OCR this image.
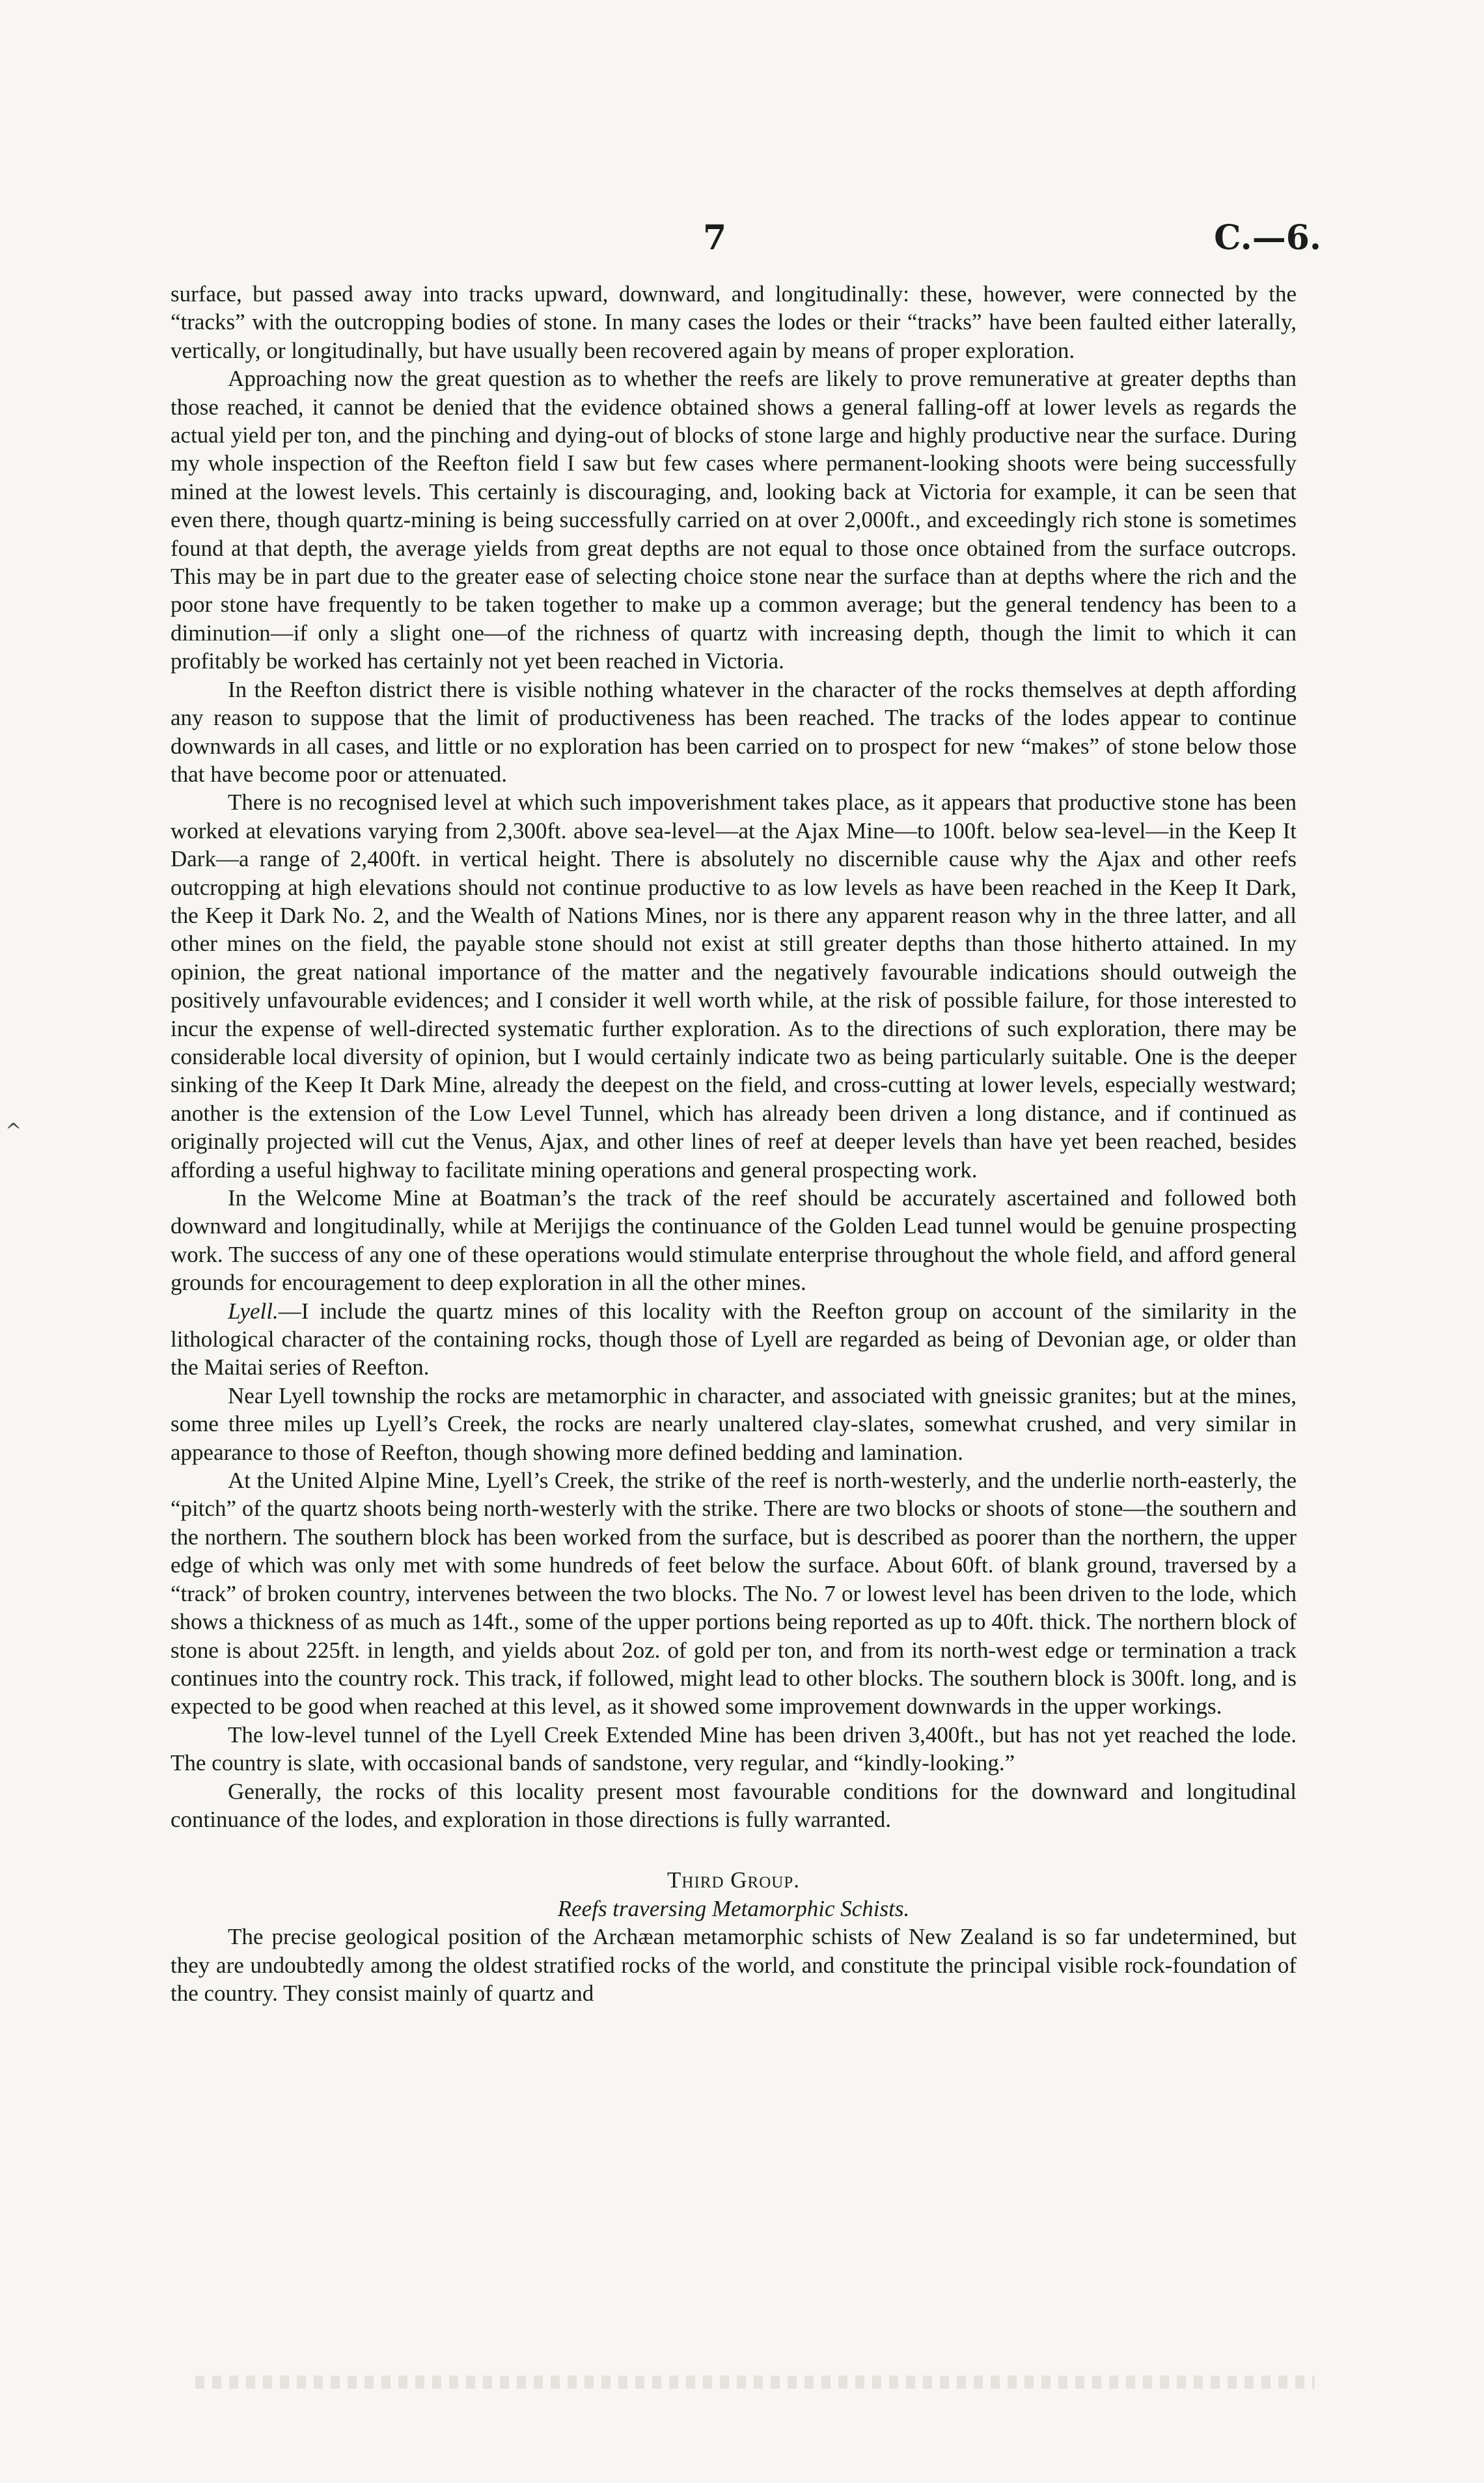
7	C.—6.
^

surface, but passed away into tracks upward, downward, and longitudinally: these, however, were connected by the “tracks” with the outcropping bodies of stone. In many cases the lodes or their “tracks” have been faulted either laterally, vertically, or longitudinally, but have usually been recovered again by means of proper exploration.

Approaching now the great question as to whether the reefs are likely to prove remunerative at greater depths than those reached, it cannot be denied that the evidence obtained shows a general falling-off at lower levels as regards the actual yield per ton, and the pinching and dying-out of blocks of stone large and highly productive near the surface. During my whole inspection of the Reefton field I saw but few cases where permanent-looking shoots were being successfully mined at the lowest levels. This certainly is discouraging, and, looking back at Victoria for example, it can be seen that even there, though quartz-mining is being successfully carried on at over 2,000ft., and exceedingly rich stone is sometimes found at that depth, the average yields from great depths are not equal to those once obtained from the surface outcrops. This may be in part due to the greater ease of selecting choice stone near the surface than at depths where the rich and the poor stone have frequently to be taken together to make up a common average; but the general tendency has been to a diminution—if only a slight one—of the richness of quartz with increasing depth, though the limit to which it can profitably be worked has certainly not yet been reached in Victoria.

In the Reefton district there is visible nothing whatever in the character of the rocks themselves at depth affording any reason to suppose that the limit of productiveness has been reached. The tracks of the lodes appear to continue downwards in all cases, and little or no exploration has been carried on to prospect for new “makes” of stone below those that have become poor or attenuated.

There is no recognised level at which such impoverishment takes place, as it appears that productive stone has been worked at elevations varying from 2,300ft. above sea-level—at the Ajax Mine—to 100ft. below sea-level—in the Keep It Dark—a range of 2,400ft. in vertical height. There is absolutely no discernible cause why the Ajax and other reefs outcropping at high elevations should not continue productive to as low levels as have been reached in the Keep It Dark, the Keep it Dark No. 2, and the Wealth of Nations Mines, nor is there any apparent reason why in the three latter, and all other mines on the field, the payable stone should not exist at still greater depths than those hitherto attained. In my opinion, the great national importance of the matter and the negatively favourable indications should outweigh the positively unfavourable evidences; and I consider it well worth while, at the risk of possible failure, for those interested to incur the expense of well-directed systematic further exploration. As to the directions of such exploration, there may be considerable local diversity of opinion, but I would certainly indicate two as being particularly suitable. One is the deeper sinking of the Keep It Dark Mine, already the deepest on the field, and cross-cutting at lower levels, especially westward; another is the extension of the Low Level Tunnel, which has already been driven a long distance, and if continued as originally projected will cut the Venus, Ajax, and other lines of reef at deeper levels than have yet been reached, besides affording a useful highway to facilitate mining operations and general prospecting work.

In the Welcome Mine at Boatman’s the track of the reef should be accurately ascertained and followed both downward and longitudinally, while at Merijigs the continuance of the Golden Lead tunnel would be genuine prospecting work. The success of any one of these operations would stimulate enterprise throughout the whole field, and afford general grounds for encouragement to deep exploration in all the other mines.

Lyell.—I include the quartz mines of this locality with the Reefton group on account of the similarity in the lithological character of the containing rocks, though those of Lyell are regarded as being of Devonian age, or older than the Maitai series of Reefton.

Near Lyell township the rocks are metamorphic in character, and associated with gneissic granites; but at the mines, some three miles up Lyell’s Creek, the rocks are nearly unaltered clay-slates, somewhat crushed, and very similar in appearance to those of Reefton, though showing more defined bedding and lamination.

At the United Alpine Mine, Lyell’s Creek, the strike of the reef is north-westerly, and the underlie north-easterly, the “pitch” of the quartz shoots being north-westerly with the strike. There are two blocks or shoots of stone—the southern and the northern. The southern block has been worked from the surface, but is described as poorer than the northern, the upper edge of which was only met with some hundreds of feet below the surface. About 60ft. of blank ground, traversed by a “track” of broken country, intervenes between the two blocks. The No. 7 or lowest level has been driven to the lode, which shows a thickness of as much as 14ft., some of the upper portions being reported as up to 40ft. thick. The northern block of stone is about 225ft. in length, and yields about 2oz. of gold per ton, and from its north-west edge or termination a track continues into the country rock. This track, if followed, might lead to other blocks. The southern block is 300ft. long, and is expected to be good when reached at this level, as it showed some improvement downwards in the upper workings.

The low-level tunnel of the Lyell Creek Extended Mine has been driven 3,400ft., but has not yet reached the lode. The country is slate, with occasional bands of sandstone, very regular, and “kindly-looking.”

Generally, the rocks of this locality present most favourable conditions for the downward and longitudinal continuance of the lodes, and exploration in those directions is fully warranted.

Third Group.

Reefs traversing Metamorphic Schists.

The precise geological position of the Archæan metamorphic schists of New Zealand is so far undetermined, but they are undoubtedly among the oldest stratified rocks of the world, and constitute the principal visible rock-foundation of the country. They consist mainly of quartz and
